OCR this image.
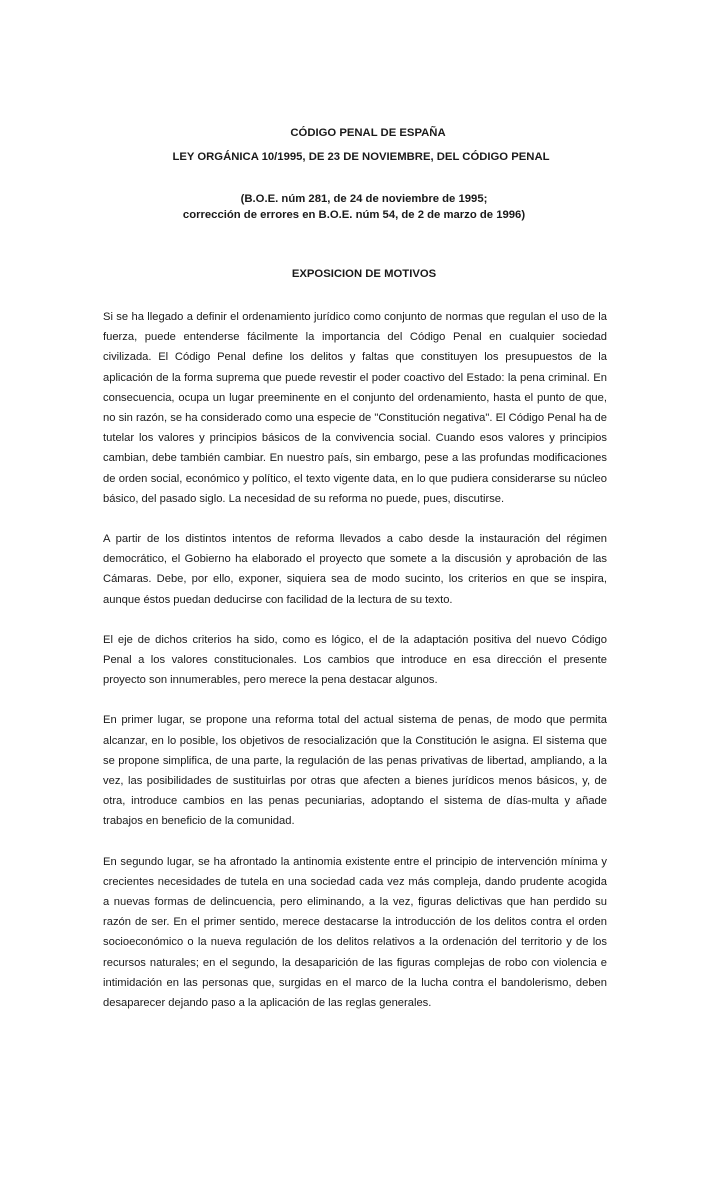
CÓDIGO PENAL DE ESPAÑA
LEY ORGÁNICA 10/1995, DE 23 DE NOVIEMBRE, DEL CÓDIGO PENAL
(B.O.E. núm 281, de 24 de noviembre de 1995;
corrección de errores en B.O.E. núm 54, de 2 de marzo de 1996)
EXPOSICION DE MOTIVOS

Si se ha llegado a definir el ordenamiento jurídico como conjunto de normas que regulan el uso de la fuerza, puede entenderse fácilmente la importancia del Código Penal en cualquier sociedad civilizada. El Código Penal define los delitos y faltas que constituyen los presupuestos de la aplicación de la forma suprema que puede revestir el poder coactivo del Estado: la pena criminal. En consecuencia, ocupa un lugar preeminente en el conjunto del ordenamiento, hasta el punto de que, no sin razón, se ha considerado como una especie de "Constitución negativa". El Código Penal ha de tutelar los valores y principios básicos de la convivencia social. Cuando esos valores y principios cambian, debe también cambiar. En nuestro país, sin embargo, pese a las profundas modificaciones de orden social, económico y político, el texto vigente data, en lo que pudiera considerarse su núcleo básico, del pasado siglo. La necesidad de su reforma no puede, pues, discutirse.

A partir de los distintos intentos de reforma llevados a cabo desde la instauración del régimen democrático, el Gobierno ha elaborado el proyecto que somete a la discusión y aprobación de las Cámaras. Debe, por ello, exponer, siquiera sea de modo sucinto, los criterios en que se inspira, aunque éstos puedan deducirse con facilidad de la lectura de su texto.

El eje de dichos criterios ha sido, como es lógico, el de la adaptación positiva del nuevo Código Penal a los valores constitucionales. Los cambios que introduce en esa dirección el presente proyecto son innumerables, pero merece la pena destacar algunos.

En primer lugar, se propone una reforma total del actual sistema de penas, de modo que permita alcanzar, en lo posible, los objetivos de resocialización que la Constitución le asigna. El sistema que se propone simplifica, de una parte, la regulación de las penas privativas de libertad, ampliando, a la vez, las posibilidades de sustituirlas por otras que afecten a bienes jurídicos menos básicos, y, de otra, introduce cambios en las penas pecuniarias, adoptando el sistema de días-multa y añade trabajos en beneficio de la comunidad.

En segundo lugar, se ha afrontado la antinomia existente entre el principio de intervención mínima y crecientes necesidades de tutela en una sociedad cada vez más compleja, dando prudente acogida a nuevas formas de delincuencia, pero eliminando, a la vez, figuras delictivas que han perdido su razón de ser. En el primer sentido, merece destacarse la introducción de los delitos contra el orden socioeconómico o la nueva regulación de los delitos relativos a la ordenación del territorio y de los recursos naturales; en el segundo, la desaparición de las figuras complejas de robo con violencia e intimidación en las personas que, surgidas en el marco de la lucha contra el bandolerismo, deben desaparecer dejando paso a la aplicación de las reglas generales.
